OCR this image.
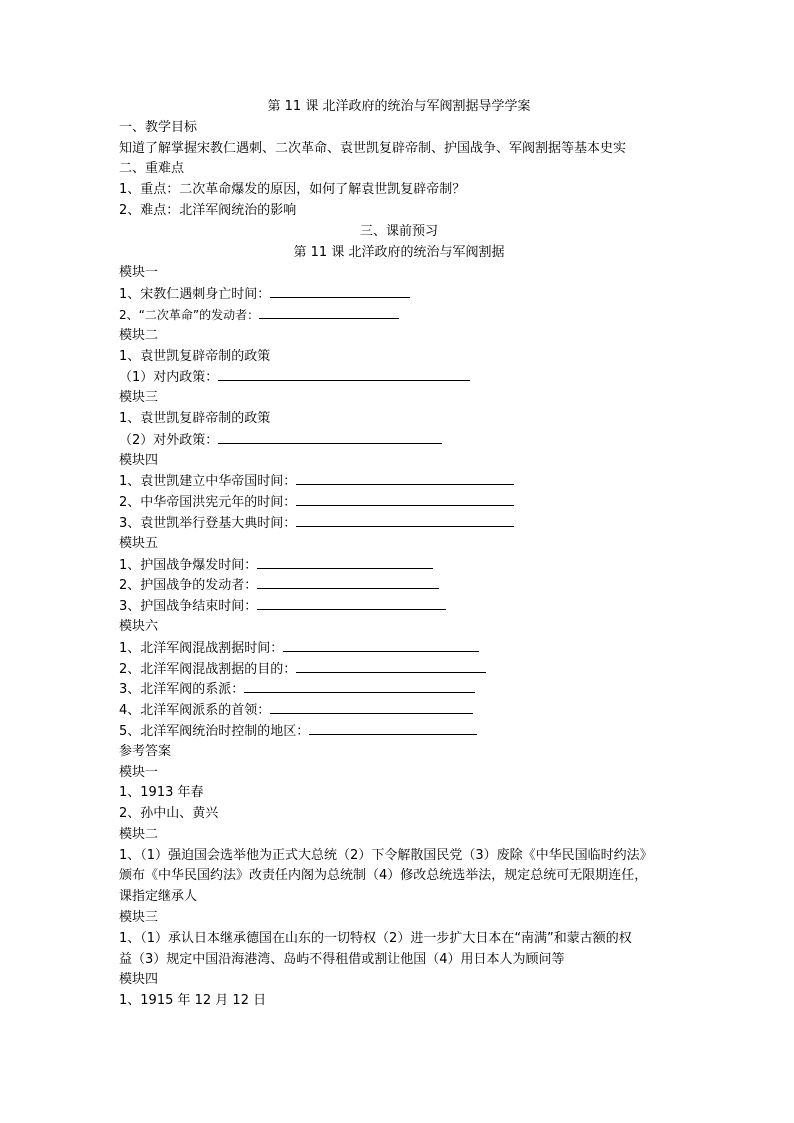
第 11 课 北洋政府的统治与军阀割据导学学案
一、教学目标
知道了解掌握宋教仁遇刺、二次革命、袁世凯复辟帝制、护国战争、军阀割据等基本史实
二、重难点
1、重点：二次革命爆发的原因，如何了解袁世凯复辟帝制？
2、难点：北洋军阀统治的影响
三、课前预习
第 11 课 北洋政府的统治与军阀割据
模块一
1、宋教仁遇刺身亡时间：
2、“二次革命”的发动者：
模块二
1、袁世凯复辟帝制的政策
（1）对内政策：
模块三
1、袁世凯复辟帝制的政策
（2）对外政策：
模块四
1、袁世凯建立中华帝国时间：
2、中华帝国洪宪元年的时间：
3、袁世凯举行登基大典时间：
模块五
1、护国战争爆发时间：
2、护国战争的发动者：
3、护国战争结束时间：
模块六
1、北洋军阀混战割据时间：
2、北洋军阀混战割据的目的：
3、北洋军阀的系派：
4、北洋军阀派系的首领：
5、北洋军阀统治时控制的地区：
参考答案
模块一
1、1913 年春
2、孙中山、黄兴
模块二
1、（1）强迫国会选举他为正式大总统（2）下令解散国民党（3）废除《中华民国临时约法》
颁布《中华民国约法》改责任内阁为总统制（4）修改总统选举法，规定总统可无限期连任，
课指定继承人
模块三
1、（1）承认日本继承德国在山东的一切特权（2）进一步扩大日本在“南满”和蒙古额的权
益（3）规定中国沿海港湾、岛屿不得租借或割让他国（4）用日本人为顾问等
模块四
1、1915 年 12 月 12 日
